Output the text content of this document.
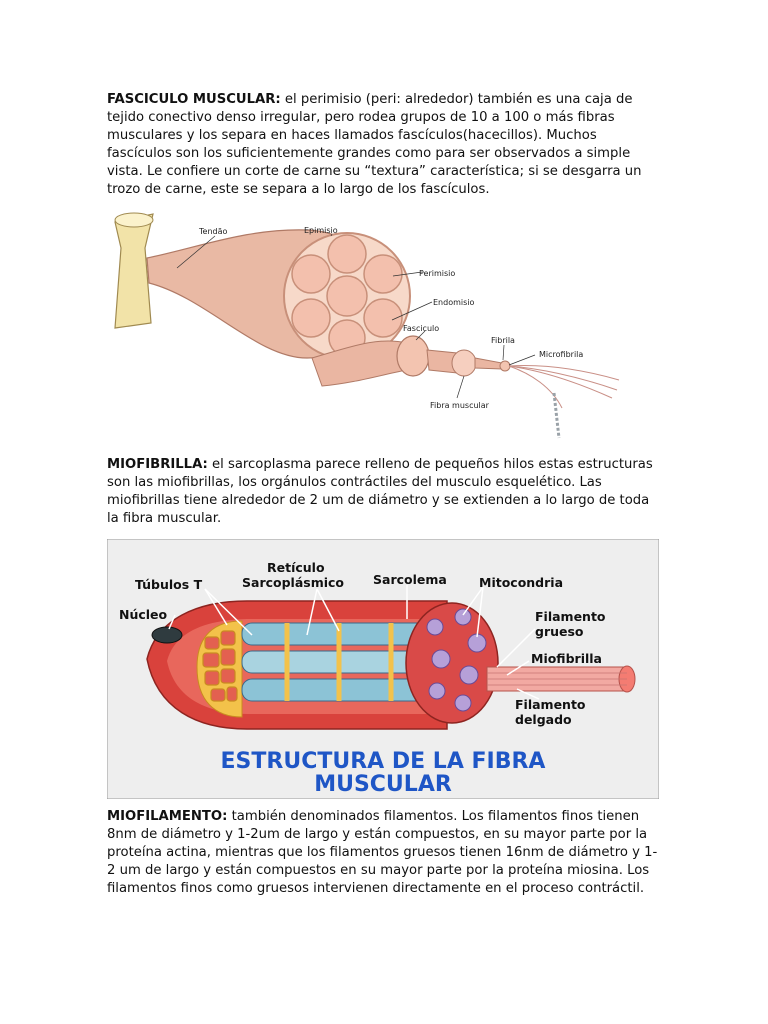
FASCICULO MUSCULAR: el perimisio (peri: alrededor) también es una caja de tejido conectivo denso irregular, pero rodea grupos de 10 a 100 o más fibras musculares y los separa en haces llamados fascículos(hacecillos). Muchos fascículos son los suficientemente grandes como para ser observados a simple vista. Le confiere un corte de carne su “textura” característica; si se desgarra un trozo de carne, este se separa a lo largo de los fascículos.

Tendão	Epimisio
Perimisio
Endomisio
Fasciculo
Fibrila
Microfibrila
Fibra muscular

MIOFIBRILLA: el sarcoplasma parece relleno de pequeños hilos estas estructuras son las miofibrillas, los orgánulos contráctiles del musculo esquelético. Las miofibrillas tiene alrededor de 2 um de diámetro y se extienden a lo largo de toda la fibra muscular.

Túbulos T
Retículo
Sarcoplásmico Sarcolema	Mitocondria
Núcleo	Filamento
grueso
Miofibrilla
Filamento
delgado
ESTRUCTURA DE LA FIBRA
MUSCULAR

MIOFILAMENTO: también denominados filamentos. Los filamentos finos tienen 8nm de diámetro y 1-2um de largo y están compuestos, en su mayor parte por la proteína actina, mientras que los filamentos gruesos tienen 16nm de diámetro y 1-2 um de largo y están compuestos en su mayor parte por la proteína miosina. Los filamentos finos como gruesos intervienen directamente en el proceso contráctil.
